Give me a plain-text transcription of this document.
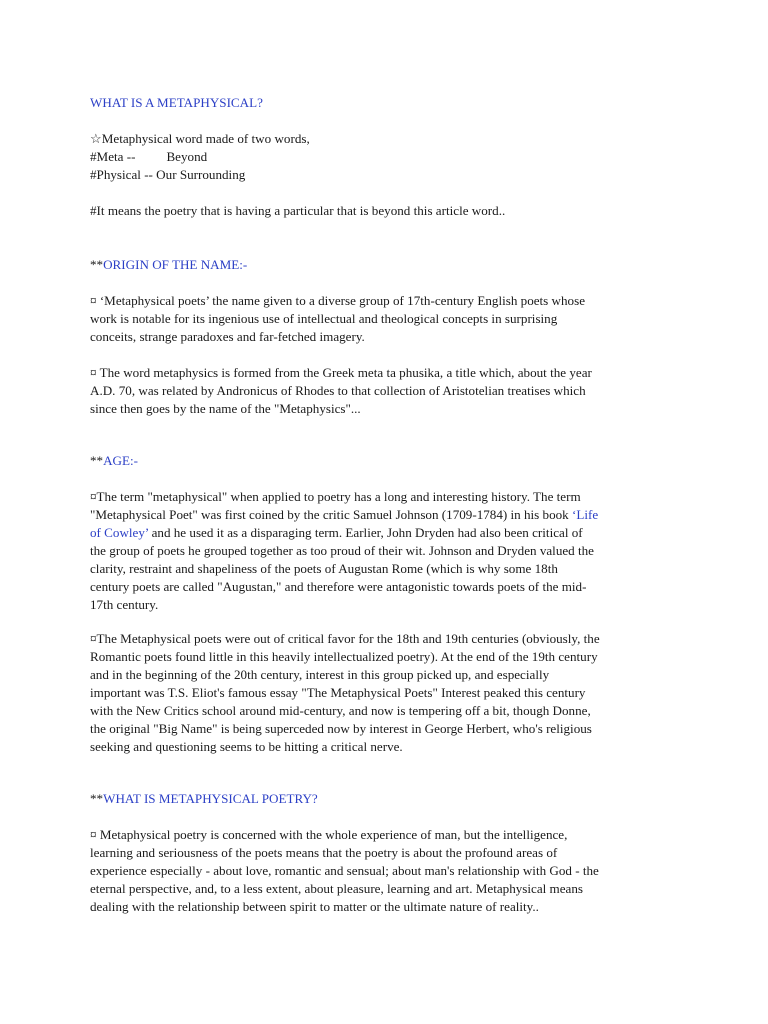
WHAT IS A METAPHYSICAL?
☆Metaphysical word made of two words,
#Meta -- Beyond
#Physical -- Our Surrounding
#It means the poetry that is having a particular that is beyond this article word..
**ORIGIN OF THE NAME:-
¤ ‘Metaphysical poets’ the name given to a diverse group of 17th-century English poets whose
work is notable for its ingenious use of intellectual and theological concepts in surprising
conceits, strange paradoxes and far-fetched imagery.
¤ The word metaphysics is formed from the Greek meta ta phusika, a title which, about the year
A.D. 70, was related by Andronicus of Rhodes to that collection of Aristotelian treatises which
since then goes by the name of the "Metaphysics"...
**AGE:-
¤The term "metaphysical" when applied to poetry has a long and interesting history. The term
"Metaphysical Poet" was first coined by the critic Samuel Johnson (1709-1784) in his book ‘Life
of Cowley’ and he used it as a disparaging term. Earlier, John Dryden had also been critical of
the group of poets he grouped together as too proud of their wit. Johnson and Dryden valued the
clarity, restraint and shapeliness of the poets of Augustan Rome (which is why some 18th
century poets are called "Augustan," and therefore were antagonistic towards poets of the mid-
17th century.
¤The Metaphysical poets were out of critical favor for the 18th and 19th centuries (obviously, the
Romantic poets found little in this heavily intellectualized poetry). At the end of the 19th century
and in the beginning of the 20th century, interest in this group picked up, and especially
important was T.S. Eliot's famous essay "The Metaphysical Poets" Interest peaked this century
with the New Critics school around mid-century, and now is tempering off a bit, though Donne,
the original "Big Name" is being superceded now by interest in George Herbert, who's religious
seeking and questioning seems to be hitting a critical nerve.
**WHAT IS METAPHYSICAL POETRY?
¤ Metaphysical poetry is concerned with the whole experience of man, but the intelligence,
learning and seriousness of the poets means that the poetry is about the profound areas of
experience especially - about love, romantic and sensual; about man's relationship with God - the
eternal perspective, and, to a less extent, about pleasure, learning and art. Metaphysical means
dealing with the relationship between spirit to matter or the ultimate nature of reality..
